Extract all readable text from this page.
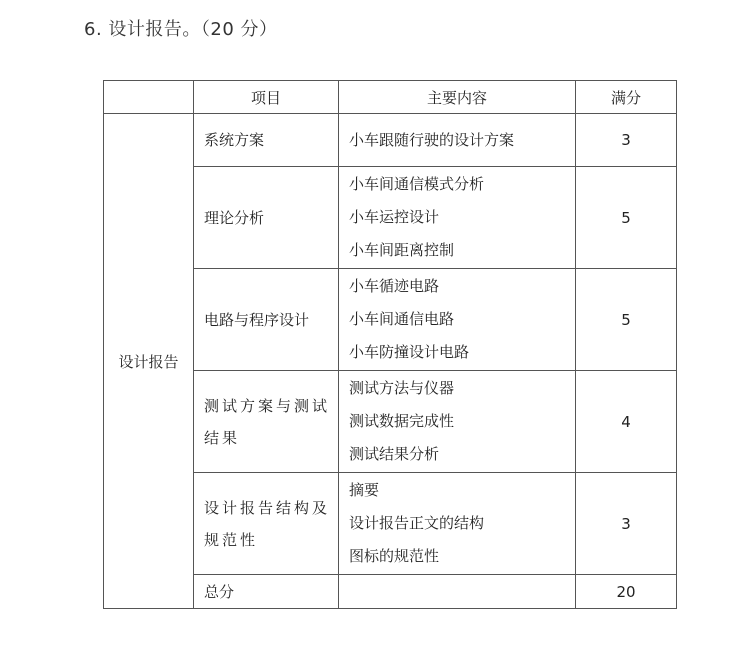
6. 设计报告。（20 分）
	项目	主要内容	满分
设计报告	系统方案	小车跟随行驶的设计方案	3
	理论分析	小车间通信模式分析
小车运控设计
小车间距离控制	5
	电路与程序设计	小车循迹电路
小车间通信电路
小车防撞设计电路	5
	测试方案与测试结果	测试方法与仪器
测试数据完成性
测试结果分析	4
	设计报告结构及规范性	摘要
设计报告正文的结构
图标的规范性	3
	总分		20
